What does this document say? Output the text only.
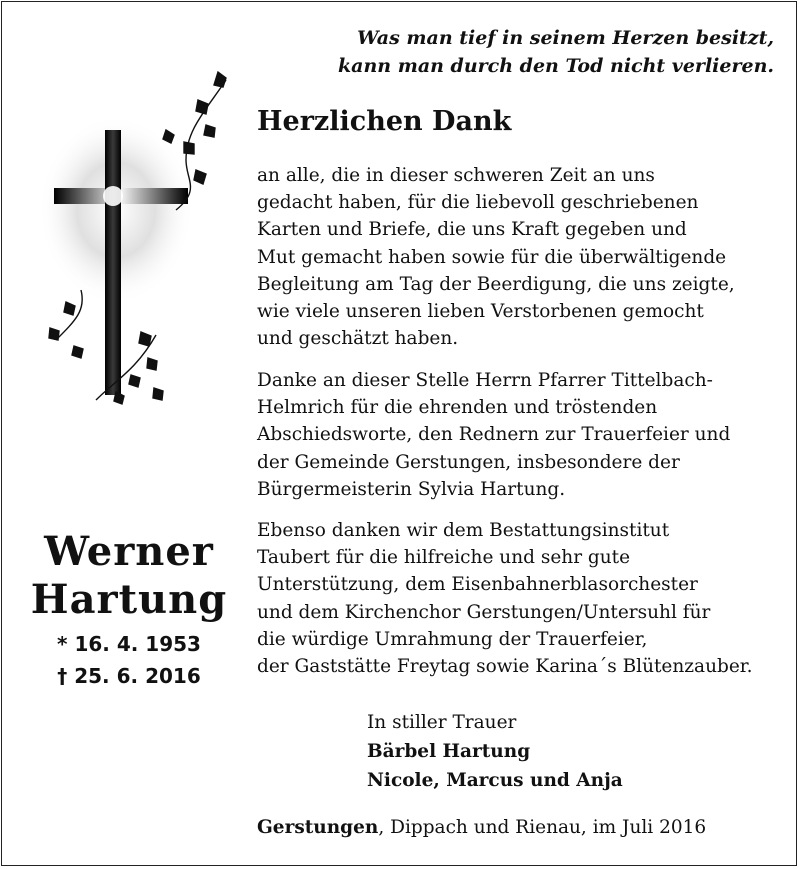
Was man tief in seinem Herzen besitzt,
kann man durch den Tod nicht verlieren.
Herzlichen Dank

an alle, die in dieser schweren Zeit an uns
gedacht haben, für die liebevoll geschriebenen
Karten und Briefe, die uns Kraft gegeben und
Mut gemacht haben sowie für die überwältigende
Begleitung am Tag der Beerdigung, die uns zeigte,
wie viele unseren lieben Verstorbenen gemocht
und geschätzt haben.

Danke an dieser Stelle Herrn Pfarrer Tittelbach-
Helmrich für die ehrenden und tröstenden
Abschiedsworte, den Rednern zur Trauerfeier und
der Gemeinde Gerstungen, insbesondere der
Bürgermeisterin Sylvia Hartung.

Ebenso danken wir dem Bestattungsinstitut
Taubert für die hilfreiche und sehr gute
Unterstützung, dem Eisenbahnerblasorchester
und dem Kirchenchor Gerstungen/Untersuhl für
die würdige Umrahmung der Trauerfeier,
der Gaststätte Freytag sowie Karina´s Blütenzauber.

Werner
Hartung
* 16. 4. 1953
† 25. 6. 2016
In stiller Trauer
Bärbel Hartung
Nicole, Marcus und Anja
Gerstungen, Dippach und Rienau, im Juli 2016
